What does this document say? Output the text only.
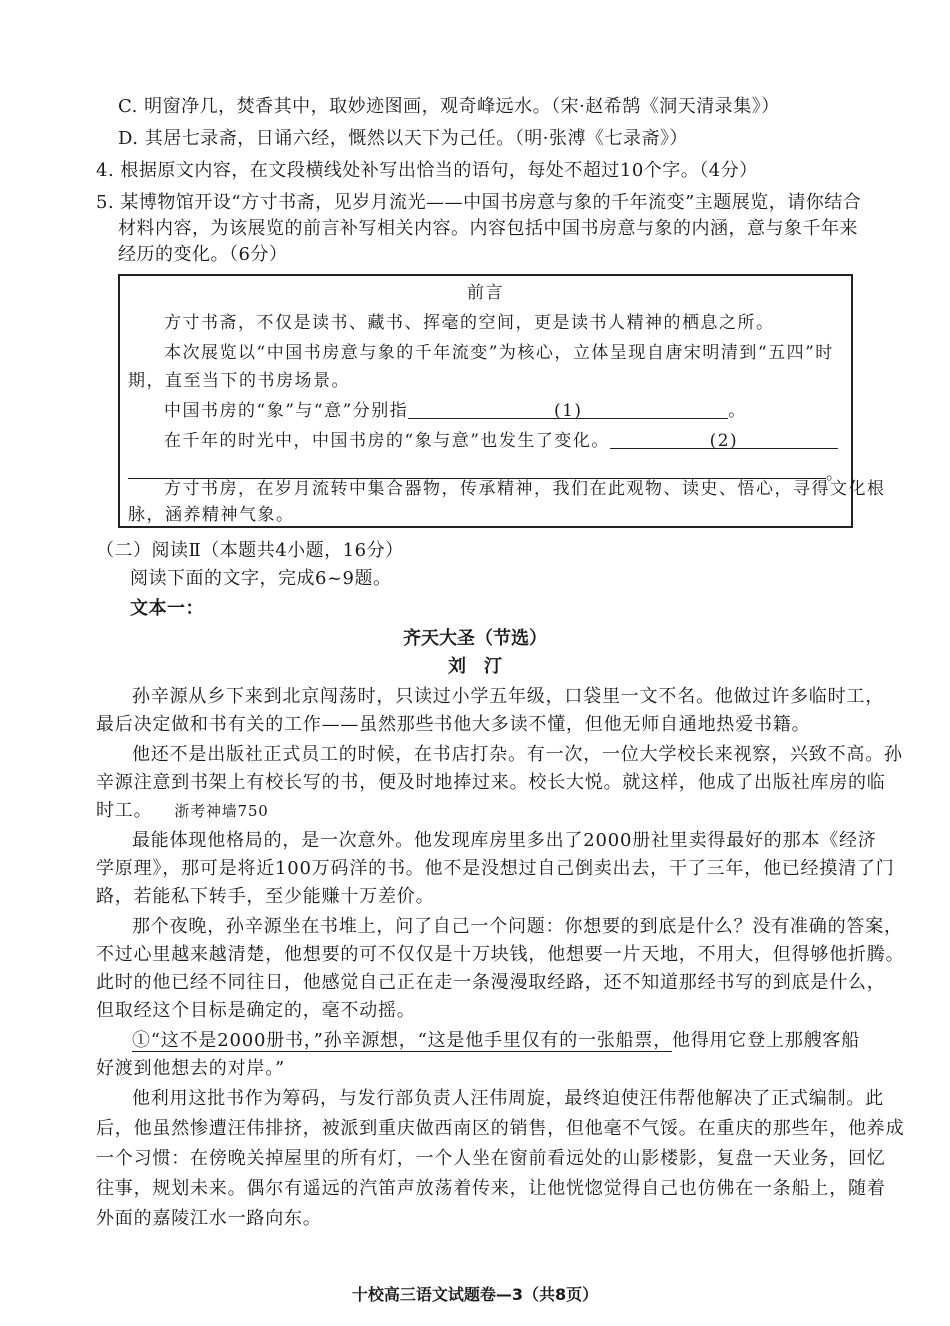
C. 明窗净几，焚香其中，取妙迹图画，观奇峰远水。（宋·赵希鹄《洞天清录集》）
D. 其居七录斋，日诵六经，慨然以天下为己任。（明·张溥《七录斋》）
4. 根据原文内容，在文段横线处补写出恰当的语句，每处不超过10个字。（4分）
5. 某博物馆开设“方寸书斋，见岁月流光——中国书房意与象的千年流变”主题展览，请你结合
材料内容，为该展览的前言补写相关内容。内容包括中国书房意与象的内涵，意与象千年来
经历的变化。（6分）
前言
方寸书斋，不仅是读书、藏书、挥毫的空间，更是读书人精神的栖息之所。
本次展览以“中国书房意与象的千年流变”为核心，立体呈现自唐宋明清到“五四”时
期，直至当下的书房场景。
中国书房的“象”与“意”分别指	(1)	。
在千年的时光中，中国书房的“象与意”也发生了变化。	(2)
。
方寸书房，在岁月流转中集合器物，传承精神，我们在此观物、读史、悟心，寻得文化根
脉，涵养精神气象。
（二）阅读Ⅱ（本题共4小题，16分）
阅读下面的文字，完成6~9题。
文本一：
齐天大圣（节选）
刘　汀
孙辛源从乡下来到北京闯荡时，只读过小学五年级，口袋里一文不名。他做过许多临时工，
最后决定做和书有关的工作——虽然那些书他大多读不懂，但他无师自通地热爱书籍。
他还不是出版社正式员工的时候，在书店打杂。有一次，一位大学校长来视察，兴致不高。孙
辛源注意到书架上有校长写的书，便及时地捧过来。校长大悦。就这样，他成了出版社库房的临
时工。 浙考神墙750
最能体现他格局的，是一次意外。他发现库房里多出了2000册社里卖得最好的那本《经济
学原理》，那可是将近100万码洋的书。他不是没想过自己倒卖出去，干了三年，他已经摸清了门
路，若能私下转手，至少能赚十万差价。
那个夜晚，孙辛源坐在书堆上，问了自己一个问题：你想要的到底是什么？没有准确的答案，
不过心里越来越清楚，他想要的可不仅仅是十万块钱，他想要一片天地，不用大，但得够他折腾。
此时的他已经不同往日，他感觉自己正在走一条漫漫取经路，还不知道那经书写的到底是什么，
但取经这个目标是确定的，毫不动摇。
①“这不是2000册书，”孙辛源想，“这是他手里仅有的一张船票，他得用它登上那艘客船
好渡到他想去的对岸。”
他利用这批书作为筹码，与发行部负责人汪伟周旋，最终迫使汪伟帮他解决了正式编制。此
后，他虽然惨遭汪伟排挤，被派到重庆做西南区的销售，但他毫不气馁。在重庆的那些年，他养成
一个习惯：在傍晚关掉屋里的所有灯，一个人坐在窗前看远处的山影楼影，复盘一天业务，回忆
往事，规划未来。偶尔有遥远的汽笛声放荡着传来，让他恍惚觉得自己也仿佛在一条船上，随着
外面的嘉陵江水一路向东。
十校高三语文试题卷—3（共8页）
